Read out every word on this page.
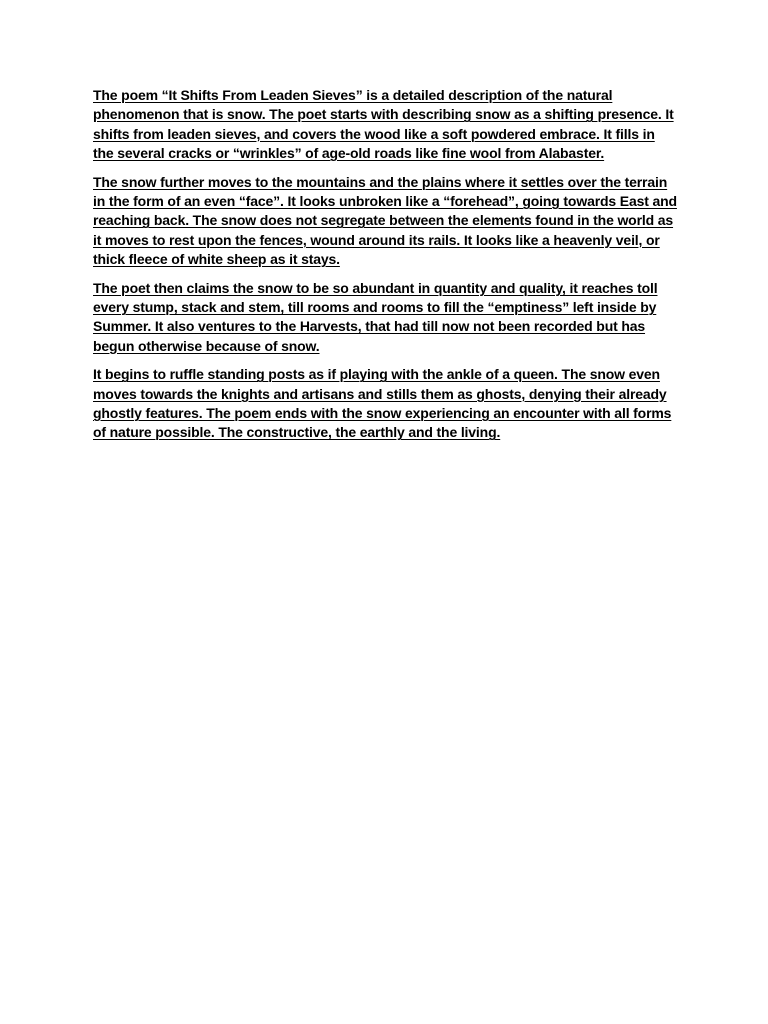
The poem “It Shifts From Leaden Sieves” is a detailed description of the natural phenomenon that is snow. The poet starts with describing snow as a shifting presence. It shifts from leaden sieves, and covers the wood like a soft powdered embrace. It fills in the several cracks or “wrinkles” of age-old roads like fine wool from Alabaster.

The snow further moves to the mountains and the plains where it settles over the terrain in the form of an even “face”. It looks unbroken like a “forehead”, going towards East and reaching back. The snow does not segregate between the elements found in the world as it moves to rest upon the fences, wound around its rails. It looks like a heavenly veil, or thick fleece of white sheep as it stays.

The poet then claims the snow to be so abundant in quantity and quality, it reaches toll every stump, stack and stem, till rooms and rooms to fill the “emptiness” left inside by Summer. It also ventures to the Harvests, that had till now not been recorded but has begun otherwise because of snow.

It begins to ruffle standing posts as if playing with the ankle of a queen. The snow even moves towards the knights and artisans and stills them as ghosts, denying their already ghostly features. The poem ends with the snow experiencing an encounter with all forms of nature possible. The constructive, the earthly and the living.
